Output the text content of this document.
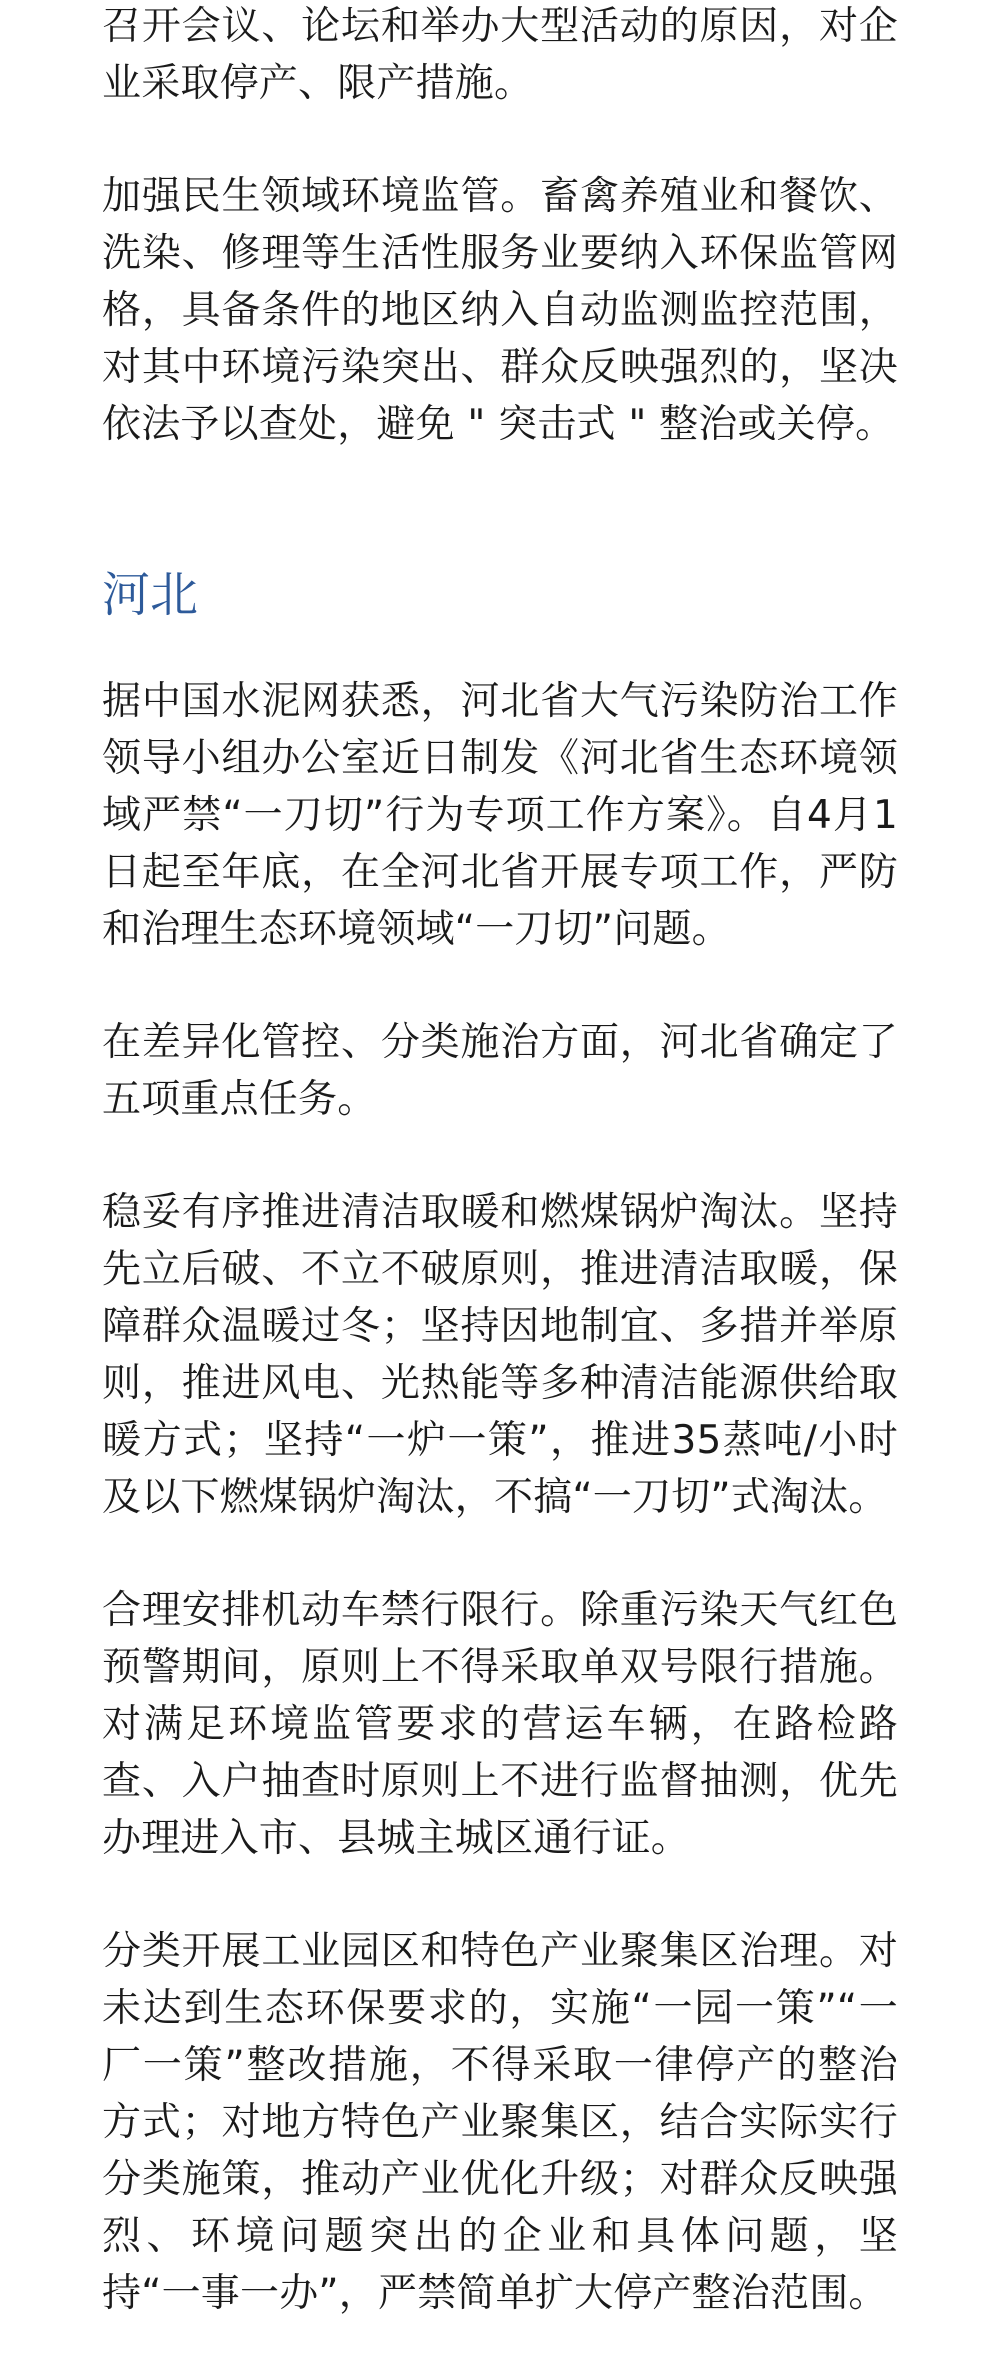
召开会议、论坛和举办大型活动的原因，对企业采取停产、限产措施。

加强民生领域环境监管。畜禽养殖业和餐饮、洗染、修理等生活性服务业要纳入环保监管网格，具备条件的地区纳入自动监测监控范围，对其中环境污染突出、群众反映强烈的，坚决依法予以查处，避免 " 突击式 " 整治或关停。

河北

据中国水泥网获悉，河北省大气污染防治工作领导小组办公室近日制发《河北省生态环境领域严禁“一刀切”行为专项工作方案》。自4月1日起至年底，在全河北省开展专项工作，严防和治理生态环境领域“一刀切”问题。

在差异化管控、分类施治方面，河北省确定了五项重点任务。

稳妥有序推进清洁取暖和燃煤锅炉淘汰。坚持先立后破、不立不破原则，推进清洁取暖，保障群众温暖过冬；坚持因地制宜、多措并举原则，推进风电、光热能等多种清洁能源供给取暖方式；坚持“一炉一策”，推进35蒸吨/小时及以下燃煤锅炉淘汰，不搞“一刀切”式淘汰。

合理安排机动车禁行限行。除重污染天气红色预警期间，原则上不得采取单双号限行措施。对满足环境监管要求的营运车辆，在路检路查、入户抽查时原则上不进行监督抽测，优先办理进入市、县城主城区通行证。

分类开展工业园区和特色产业聚集区治理。对未达到生态环保要求的，实施“一园一策”“一厂一策”整改措施，不得采取一律停产的整治方式；对地方特色产业聚集区，结合实际实行分类施策，推动产业优化升级；对群众反映强烈、环境问题突出的企业和具体问题，坚持“一事一办”，严禁简单扩大停产整治范围。
